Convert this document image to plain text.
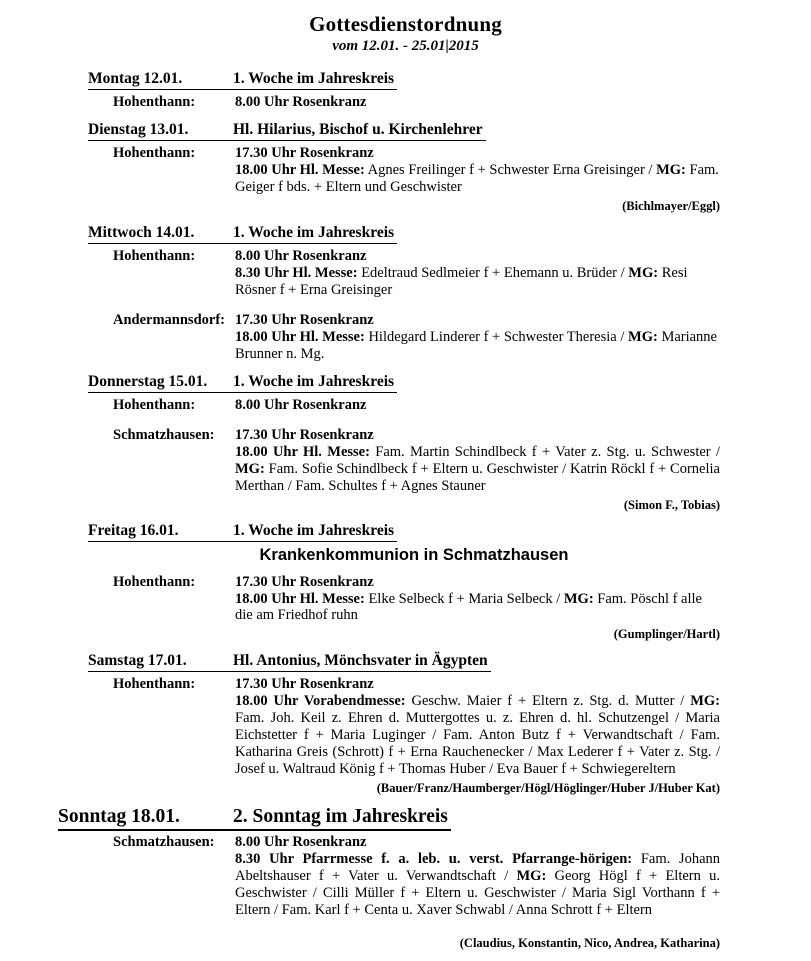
Gottesdienstordnung
vom 12.01. - 25.01|2015
Montag 12.01.	1. Woche im Jahreskreis
Hohenthann:	8.00 Uhr Rosenkranz

Dienstag 13.01.	Hl. Hilarius, Bischof u. Kirchenlehrer
Hohenthann:	17.30 Uhr Rosenkranz

18.00 Uhr Hl. Messe: Agnes Freilinger f + Schwester Erna Greisinger / MG: Fam. Geiger f bds. + Eltern und Geschwister

(Bichlmayer/Eggl)
Mittwoch 14.01. 1. Woche im Jahreskreis
Hohenthann:	8.00 Uhr Rosenkranz

8.30 Uhr Hl. Messe: Edeltraud Sedlmeier f + Ehemann u. Brüder / MG: Resi Rösner f + Erna Greisinger

Andermannsdorf: 17.30 Uhr Rosenkranz

18.00 Uhr Hl. Messe: Hildegard Linderer f + Schwester Theresia / MG: Marianne Brunner n. Mg.

Donnerstag 15.01. 1. Woche im Jahreskreis
Hohenthann:	8.00 Uhr Rosenkranz

Schmatzhausen:	17.30 Uhr Rosenkranz

18.00 Uhr Hl. Messe: Fam. Martin Schindlbeck f + Vater z. Stg. u. Schwester / MG: Fam. Sofie Schindlbeck f + Eltern u. Geschwister / Katrin Röckl f + Cornelia Merthan / Fam. Schultes f + Agnes Stauner

(Simon F., Tobias)
Freitag 16.01.	1. Woche im Jahreskreis
Krankenkommunion in Schmatzhausen
Hohenthann:	17.30 Uhr Rosenkranz

18.00 Uhr Hl. Messe: Elke Selbeck f + Maria Selbeck / MG: Fam. Pöschl f alle die am Friedhof ruhn

(Gumplinger/Hartl)
Samstag 17.01.	Hl. Antonius, Mönchsvater in Ägypten
Hohenthann:	17.30 Uhr Rosenkranz

18.00 Uhr Vorabendmesse: Geschw. Maier f + Eltern z. Stg. d. Mutter / MG: Fam. Joh. Keil z. Ehren d. Muttergottes u. z. Ehren d. hl. Schutzengel / Maria Eichstetter f + Maria Luginger / Fam. Anton Butz f + Verwandtschaft / Fam. Katharina Greis (Schrott) f + Erna Rauchenecker / Max Lederer f + Vater z. Stg. / Josef u. Waltraud König f + Thomas Huber / Eva Bauer f + Schwiegereltern

(Bauer/Franz/Haumberger/Högl/Höglinger/Huber J/Huber Kat)
Sonntag 18.01.	2. Sonntag im Jahreskreis
Schmatzhausen:	8.00 Uhr Rosenkranz

8.30 Uhr Pfarrmesse f. a. leb. u. verst. Pfarrange-hörigen: Fam. Johann Abeltshauser f + Vater u. Verwandtschaft / MG: Georg Högl f + Eltern u. Geschwister / Cilli Müller f + Eltern u. Geschwister / Maria Sigl Vorthann f + Eltern / Fam. Karl f + Centa u. Xaver Schwabl / Anna Schrott f + Eltern

(Claudius, Konstantin, Nico, Andrea, Katharina)
